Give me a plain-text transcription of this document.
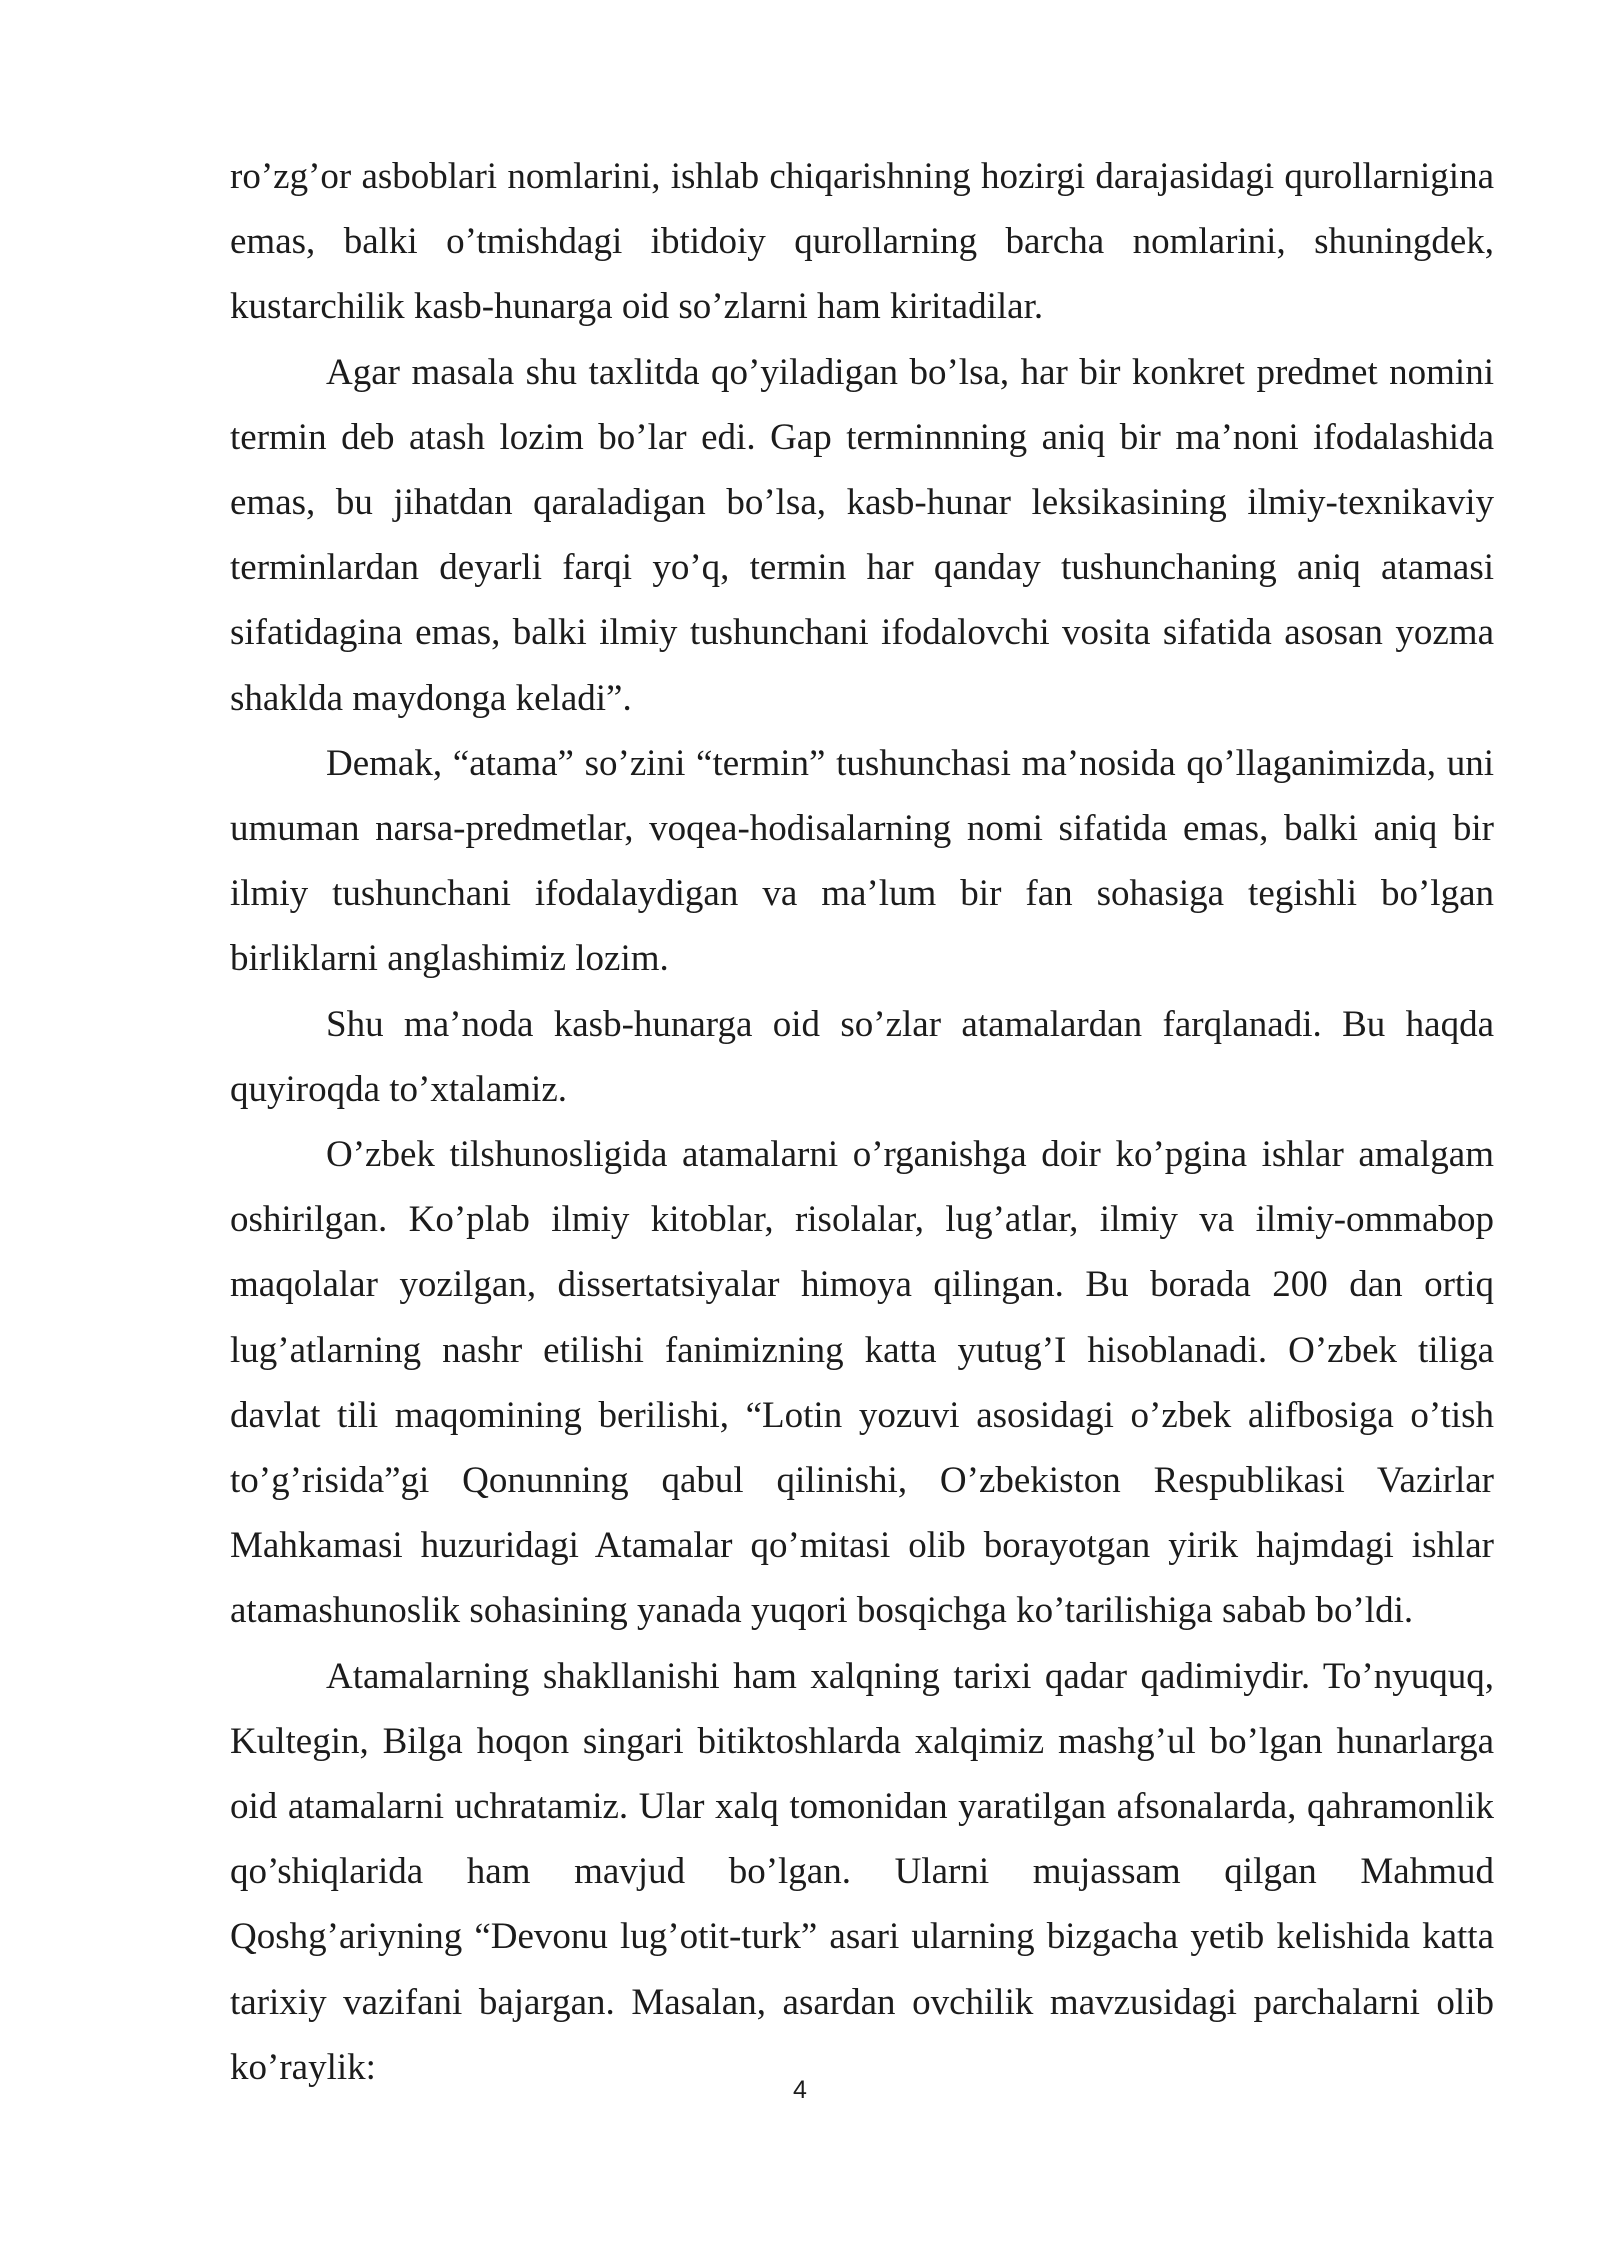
ro’zg’or asboblari nomlarini, ishlab chiqarishning hozirgi darajasidagi qurollarnigina emas, balki o’tmishdagi ibtidoiy qurollarning barcha nomlarini, shuningdek, kustarchilik kasb-hunarga oid so’zlarni ham kiritadilar.

Agar masala shu taxlitda qo’yiladigan bo’lsa, har bir konkret predmet nomini termin deb atash lozim bo’lar edi. Gap terminnning aniq bir ma’noni ifodalashida emas, bu jihatdan qaraladigan bo’lsa, kasb-hunar leksikasining ilmiy-texnikaviy terminlardan deyarli farqi yo’q, termin har qanday tushunchaning aniq atamasi sifatidagina emas, balki ilmiy tushunchani ifodalovchi vosita sifatida asosan yozma shaklda maydonga keladi”.

Demak, “atama” so’zini “termin” tushunchasi ma’nosida qo’llaganimizda, uni umuman narsa-predmetlar, voqea-hodisalarning nomi sifatida emas, balki aniq bir ilmiy tushunchani ifodalaydigan va ma’lum bir fan sohasiga tegishli bo’lgan birliklarni anglashimiz lozim.

Shu ma’noda kasb-hunarga oid so’zlar atamalardan farqlanadi. Bu haqda quyiroqda to’xtalamiz.

O’zbek tilshunosligida atamalarni o’rganishga doir ko’pgina ishlar amalgam oshirilgan. Ko’plab ilmiy kitoblar, risolalar, lug’atlar, ilmiy va ilmiy-ommabop maqolalar yozilgan, dissertatsiyalar himoya qilingan. Bu borada 200 dan ortiq lug’atlarning nashr etilishi fanimizning katta yutug’I hisoblanadi. O’zbek tiliga davlat tili maqomining berilishi, “Lotin yozuvi asosidagi o’zbek alifbosiga o’tish to’g’risida”gi Qonunning qabul qilinishi, O’zbekiston Respublikasi Vazirlar Mahkamasi huzuridagi Atamalar qo’mitasi olib borayotgan yirik hajmdagi ishlar atamashunoslik sohasining yanada yuqori bosqichga ko’tarilishiga sabab bo’ldi.

Atamalarning shakllanishi ham xalqning tarixi qadar qadimiydir. To’nyuquq, Kultegin, Bilga hoqon singari bitiktoshlarda xalqimiz mashg’ul bo’lgan hunarlarga oid atamalarni uchratamiz. Ular xalq tomonidan yaratilgan afsonalarda, qahramonlik qo’shiqlarida ham mavjud bo’lgan. Ularni mujassam qilgan Mahmud Qoshg’ariyning “Devonu lug’otit-turk” asari ularning bizgacha yetib kelishida katta tarixiy vazifani bajargan. Masalan, asardan ovchilik mavzusidagi parchalarni olib ko’raylik:

4
